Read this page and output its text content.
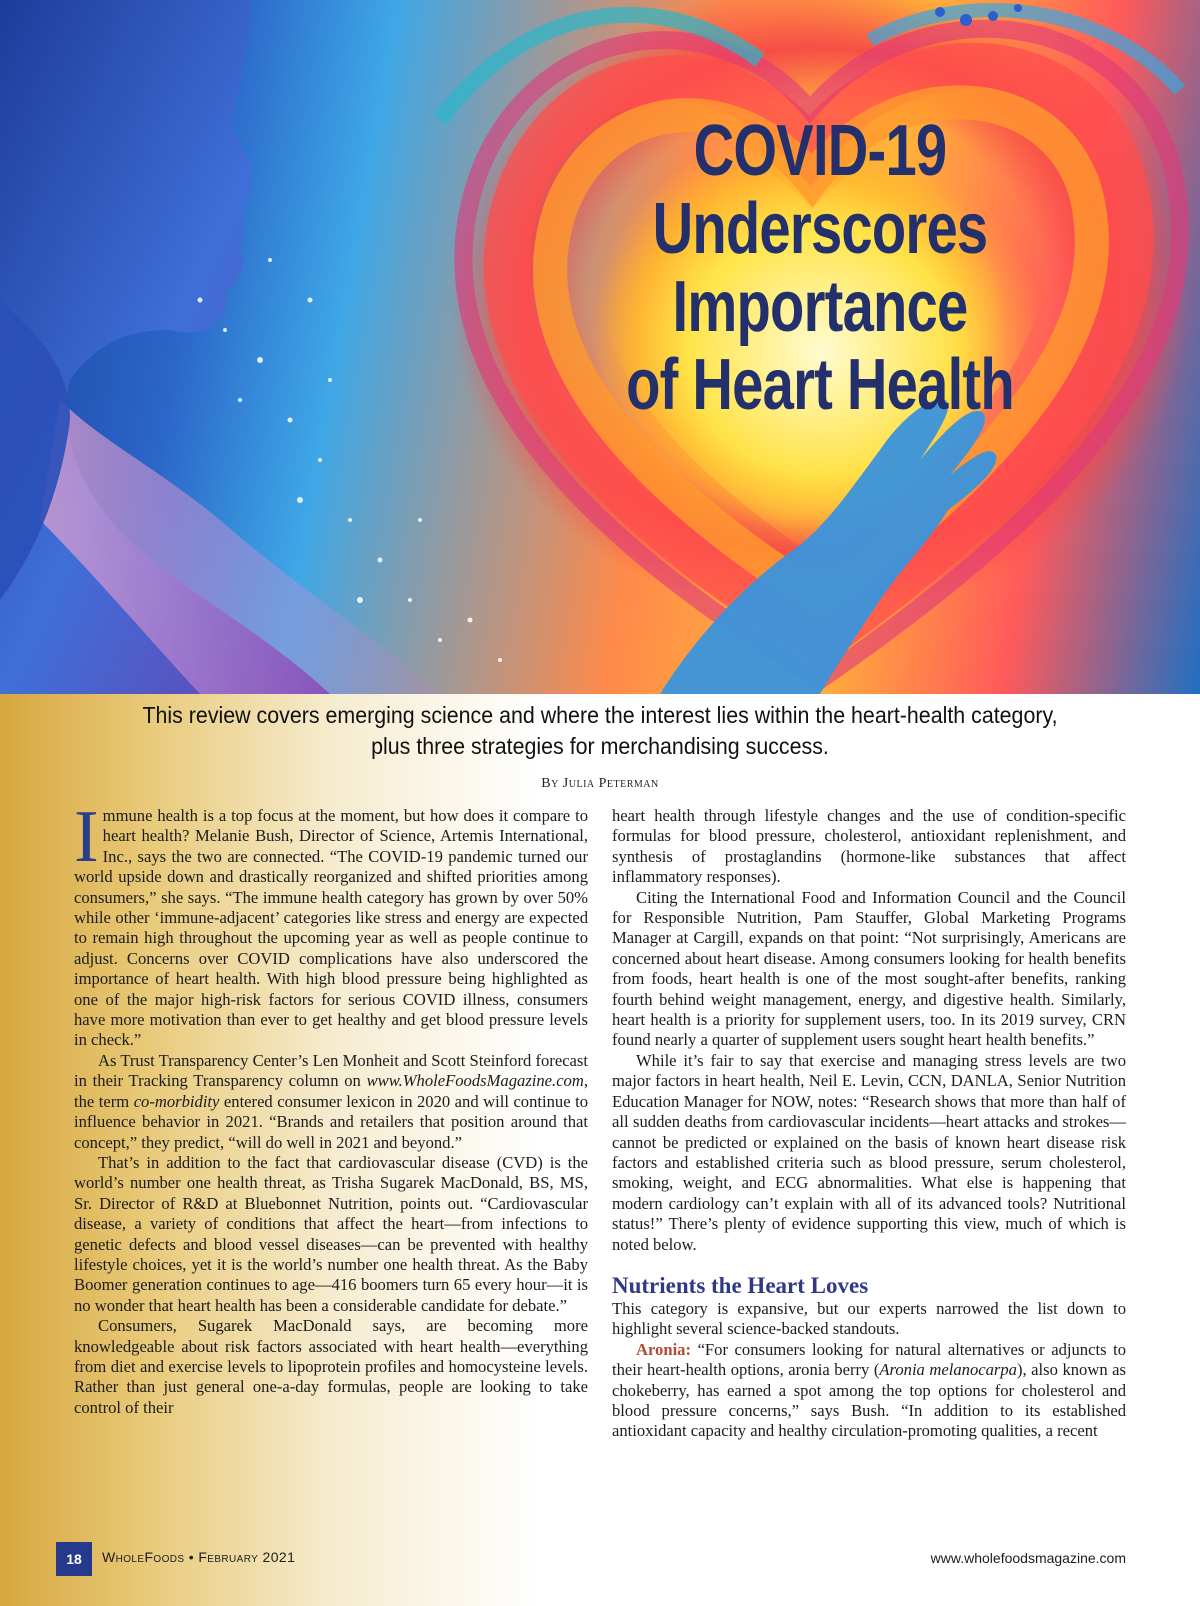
COVID-19 Underscores
Importance
of Heart Health
This review covers emerging science and where the interest lies within the heart-health category,
plus three strategies for merchandising success.
By Julia Peterman

Immune health is a top focus at the moment, but how does it compare to heart health? Melanie Bush, Director of Science, Artemis International, Inc., says the two are connected. “The COVID-19 pandemic turned our world upside down and drastically reorganized and shifted priorities among consumers,” she says. “The immune health category has grown by over 50% while other ‘immune-adjacent’ categories like stress and energy are expected to remain high throughout the upcoming year as well as people continue to adjust. Concerns over COVID complications have also underscored the importance of heart health. With high blood pressure being highlighted as one of the major high-risk factors for serious COVID illness, consumers have more motivation than ever to get healthy and get blood pressure levels in check.”

As Trust Transparency Center’s Len Monheit and Scott Steinford forecast in their Tracking Transparency column on www.WholeFoodsMagazine.com, the term co-morbidity entered consumer lexicon in 2020 and will continue to influence behavior in 2021. “Brands and retailers that position around that concept,” they predict, “will do well in 2021 and beyond.”

That’s in addition to the fact that cardiovascular disease (CVD) is the world’s number one health threat, as Trisha Sugarek MacDonald, BS, MS, Sr. Director of R&D at Bluebonnet Nutrition, points out. “Cardiovascular disease, a variety of conditions that affect the heart—from infections to genetic defects and blood vessel diseases—can be prevented with healthy lifestyle choices, yet it is the world’s number one health threat. As the Baby Boomer generation continues to age—416 boomers turn 65 every hour—it is no wonder that heart health has been a considerable candidate for debate.”

Consumers, Sugarek MacDonald says, are becoming more knowledgeable about risk factors associated with heart health—everything from diet and exercise levels to lipoprotein profiles and homocysteine levels. Rather than just general one-a-day formulas, people are looking to take control of their

heart health through lifestyle changes and the use of condition-specific formulas for blood pressure, cholesterol, antioxidant replenishment, and synthesis of prostaglandins (hormone-like substances that affect inflammatory responses).

Citing the International Food and Information Council and the Council for Responsible Nutrition, Pam Stauffer, Global Marketing Programs Manager at Cargill, expands on that point: “Not surprisingly, Americans are concerned about heart disease. Among consumers looking for health benefits from foods, heart health is one of the most sought-after benefits, ranking fourth behind weight management, energy, and digestive health. Similarly, heart health is a priority for supplement users, too. In its 2019 survey, CRN found nearly a quarter of supplement users sought heart health benefits.”

While it’s fair to say that exercise and managing stress levels are two major factors in heart health, Neil E. Levin, CCN, DANLA, Senior Nutrition Education Manager for NOW, notes: “Research shows that more than half of all sudden deaths from cardiovascular incidents—heart attacks and strokes—cannot be predicted or explained on the basis of known heart disease risk factors and established criteria such as blood pressure, serum cholesterol, smoking, weight, and ECG abnormalities. What else is happening that modern cardiology can’t explain with all of its advanced tools? Nutritional status!” There’s plenty of evidence supporting this view, much of which is noted below.

Nutrients the Heart Loves

This category is expansive, but our experts narrowed the list down to highlight several science-backed standouts.

Aronia: “For consumers looking for natural alternatives or adjuncts to their heart-health options, aronia berry (Aronia melanocarpa), also known as chokeberry, has earned a spot among the top options for cholesterol and blood pressure concerns,” says Bush. “In addition to its established antioxidant capacity and healthy circulation-promoting qualities, a recent

18	WholeFoods • February 2021	www.wholefoodsmagazine.com
